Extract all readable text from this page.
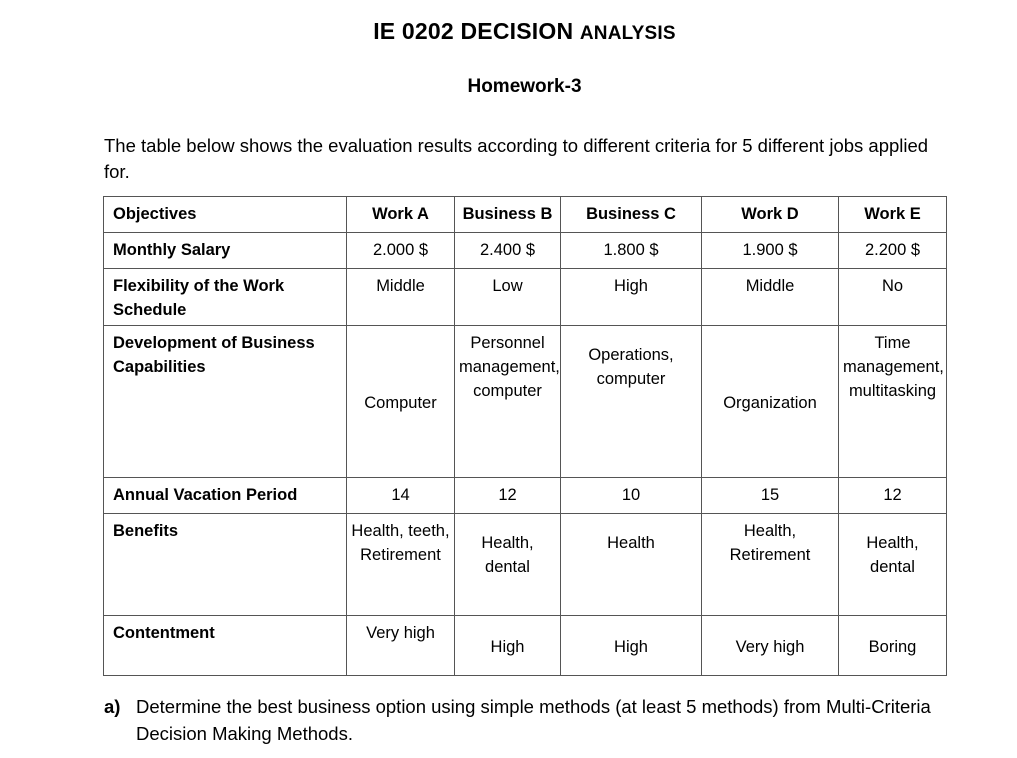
IE 0202 DECISION ANALYSIS
Homework-3
The table below shows the evaluation results according to different criteria for 5 different jobs applied for.
Objectives	Work A	Business B	Business C	Work D	Work E
Monthly Salary	2.000 $	2.400 $	1.800 $	1.900 $	2.200 $
Flexibility of the Work Schedule	Middle	Low	High	Middle	No
Development of Business Capabilities	Computer	Personnel management, computer	Operations, computer	Organization	Time management, multitasking
Annual Vacation Period	14	12	10	15	12
Benefits	Health, teeth, Retirement	Health, dental	Health	Health, Retirement	Health, dental
Contentment	Very high	High	High	Very high	Boring
a) Determine the best business option using simple methods (at least 5 methods) from Multi-Criteria Decision Making Methods.
